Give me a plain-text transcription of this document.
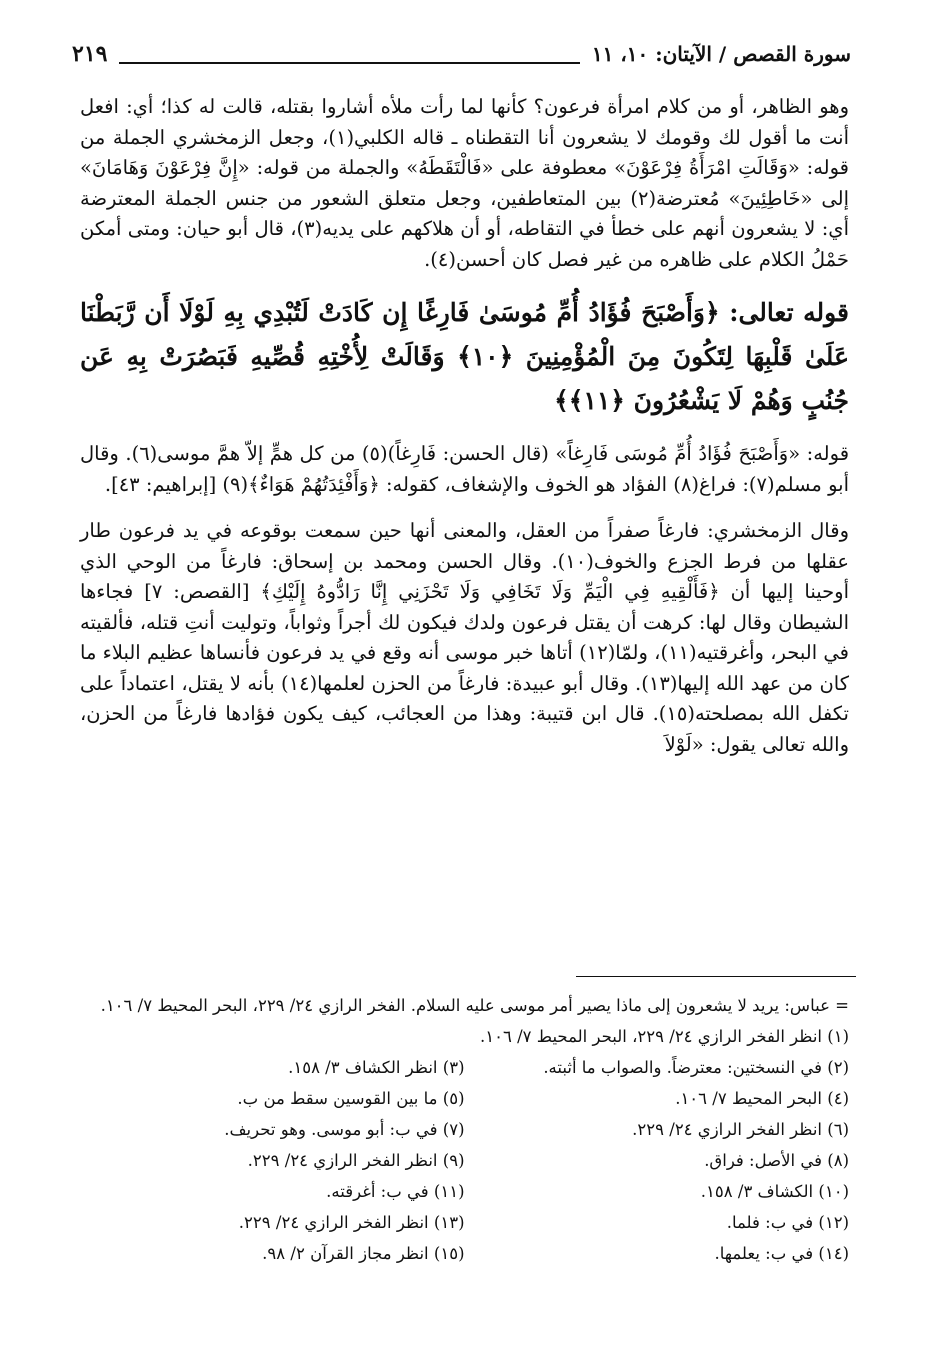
سورة القصص / الآيتان: ١٠، ١١
٢١٩

وهو الظاهر، أو من كلام امرأة فرعون؟ كأنها لما رأت ملأه أشاروا بقتله، قالت له كذا؛ أي: افعل أنت ما أقول لك وقومك لا يشعرون أنا التقطناه ـ قاله الكلبي(١)، وجعل الزمخشري الجملة من قوله: «وَقَالَتِ امْرَأَةُ فِرْعَوْنَ» معطوفة على «فَالْتَقَطَهُ» والجملة من قوله: «إِنَّ فِرْعَوْنَ وَهَامَانَ» إلى «خَاطِئِينَ» مُعترضة(٢) بين المتعاطفين، وجعل متعلق الشعور من جنس الجملة المعترضة أي: لا يشعرون أنهم على خطأ في التقاطه، أو أن هلاكهم على يديه(٣)، قال أبو حيان: ومتى أمكن حَمْلُ الكلام على ظاهره من غير فصل كان أحسن(٤).

قوله تعالى: ﴿وَأَصْبَحَ فُؤَادُ أُمِّ مُوسَىٰ فَارِغًا إِن كَادَتْ لَتُبْدِي بِهِ لَوْلَا أَن رَّبَطْنَا عَلَىٰ قَلْبِهَا لِتَكُونَ مِنَ الْمُؤْمِنِينَ ﴿١٠﴾ وَقَالَتْ لِأُخْتِهِ قُصِّيهِ فَبَصُرَتْ بِهِ عَن جُنُبٍ وَهُمْ لَا يَشْعُرُونَ ﴿١١﴾﴾

قوله: «وَأَصْبَحَ فُؤَادُ أُمِّ مُوسَى فَارِغاً» (قال الحسن: فَارِغاً)(٥) من كل همٍّ إلاّ همَّ موسى(٦). وقال أبو مسلم(٧): فراغ(٨) الفؤاد هو الخوف والإشغاف، كقوله: ﴿وَأَفْئِدَتُهُمْ هَوَاءٌ﴾(٩) [إبراهيم: ٤٣].

وقال الزمخشري: فارغاً صفراً من العقل، والمعنى أنها حين سمعت بوقوعه في يد فرعون طار عقلها من فرط الجزع والخوف(١٠). وقال الحسن ومحمد بن إسحاق: فارغاً من الوحي الذي أوحينا إليها أن ﴿فَأَلْقِيهِ فِي الْيَمِّ وَلَا تَخَافِي وَلَا تَحْزَنِي إِنَّا رَادُّوهُ إِلَيْكِ﴾ [القصص: ٧] فجاءها الشيطان وقال لها: كرهت أن يقتل فرعون ولدك فيكون لك أجراً وثواباً، وتوليت أنتِ قتله، فألقيته في البحر، وأغرقتيه(١١)، ولمّا(١٢) أتاها خبر موسى أنه وقع في يد فرعون فأنساها عظيم البلاء ما كان من عهد الله إليها(١٣). وقال أبو عبيدة: فارغاً من الحزن لعلمها(١٤) بأنه لا يقتل، اعتماداً على تكفل الله بمصلحته(١٥). قال ابن قتيبة: وهذا من العجائب، كيف يكون فؤادها فارغاً من الحزن، والله تعالى يقول: «لَوْلاَ

= عباس: يريد لا يشعرون إلى ماذا يصير أمر موسى عليه السلام. الفخر الرازي ٢٤/ ٢٢٩، البحر المحيط ٧/ ١٠٦.

(١) انظر الفخر الرازي ٢٤/ ٢٢٩، البحر المحيط ٧/ ١٠٦.
(٢) في النسختين: معترضاً. والصواب ما أثبته.
(٣) انظر الكشاف ٣/ ١٥٨.
(٤) البحر المحيط ٧/ ١٠٦.
(٥) ما بين القوسين سقط من ب.
(٦) انظر الفخر الرازي ٢٤/ ٢٢٩.
(٧) في ب: أبو موسى. وهو تحريف.
(٨) في الأصل: فراق.
(٩) انظر الفخر الرازي ٢٤/ ٢٢٩.
(١٠) الكشاف ٣/ ١٥٨.
(١١) في ب: أغرقته.
(١٢) في ب: فلما.
(١٣) انظر الفخر الرازي ٢٤/ ٢٢٩.
(١٤) في ب: يعلمها.
(١٥) انظر مجاز القرآن ٢/ ٩٨.
